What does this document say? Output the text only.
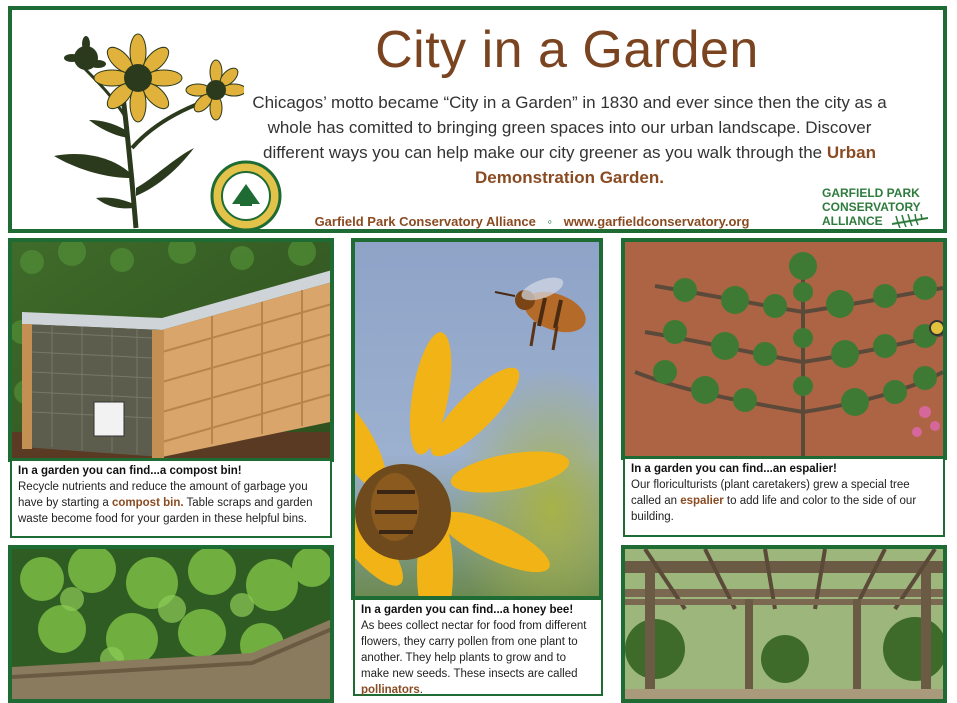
City in a Garden
Chicagos’ motto became “City in a Garden” in 1830 and ever since then the city as a whole has comitted to bringing green spaces into our urban landscape. Discover different ways you can help make our city greener as you walk through the Urban Demonstration Garden.
Garfield Park Conservatory Alliance ◦ www.garfieldconservatory.org
GARFIELD PARK
CONSERVATORY
ALLIANCE
In a garden you can find...a compost bin!
Recycle nutrients and reduce the amount of garbage you have by starting a compost bin. Table scraps and garden waste become food for your garden in these helpful bins.
In a garden you can find...a honey bee!
As bees collect nectar for food from different flowers, they carry pollen from one plant to another. They help plants to grow and to make new seeds. These insects are called pollinators.
In a garden you can find...an espalier!
Our floriculturists (plant caretakers) grew a special tree called an espalier to add life and color to the side of our building.
